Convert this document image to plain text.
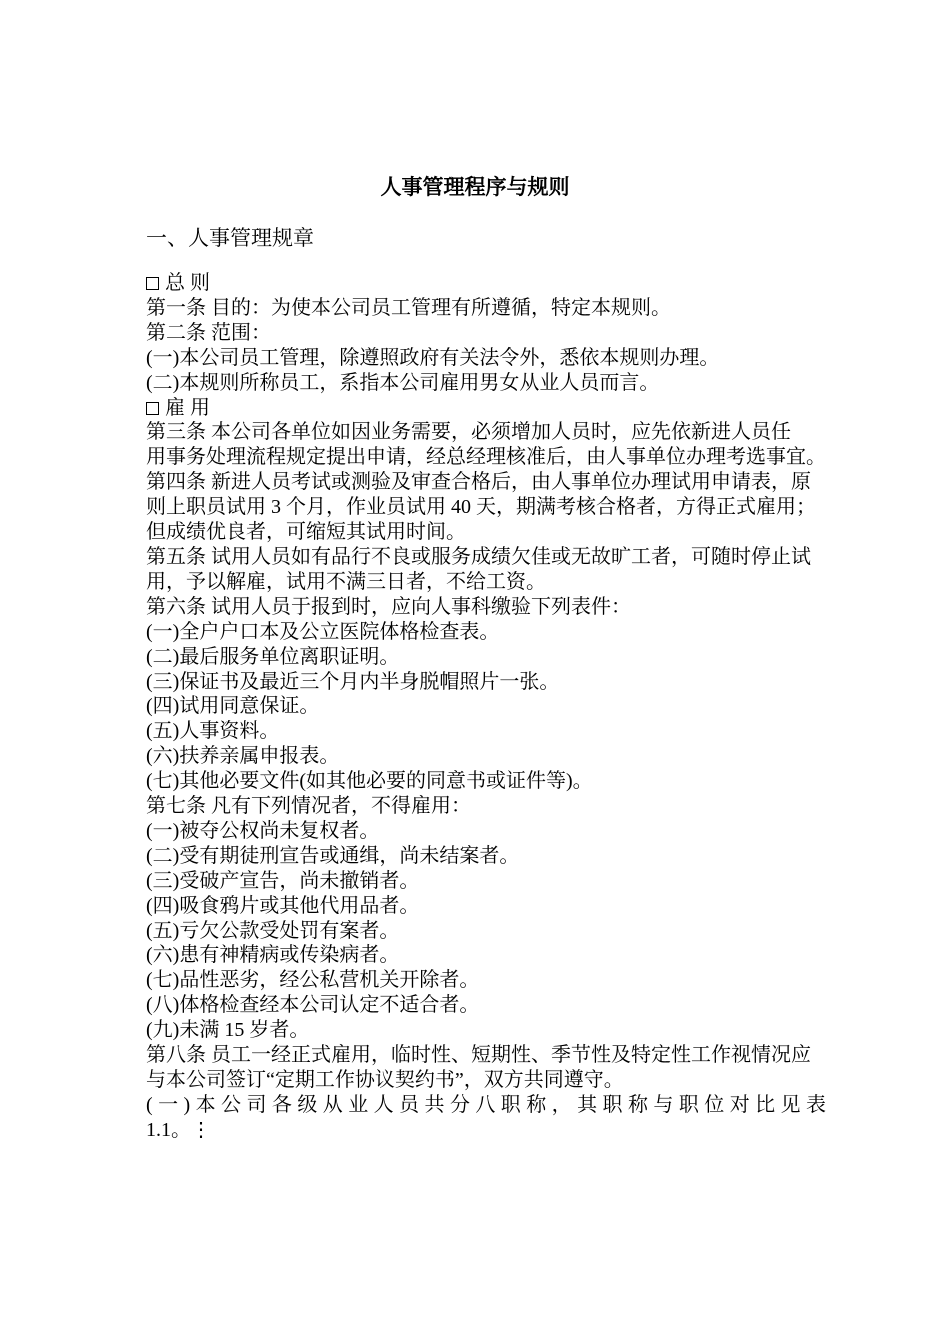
人事管理程序与规则
一、人事管理规章
总 则
第一条 目的：为使本公司员工管理有所遵循，特定本规则。
第二条 范围：
(一)本公司员工管理，除遵照政府有关法令外，悉依本规则办理。
(二)本规则所称员工，系指本公司雇用男女从业人员而言。
雇 用
第三条 本公司各单位如因业务需要，必须增加人员时，应先依新进人员任
用事务处理流程规定提出申请，经总经理核准后，由人事单位办理考选事宜。
第四条 新进人员考试或测验及审查合格后，由人事单位办理试用申请表，原则上职员试用 3 个月，作业员试用 40 天，期满考核合格者，方得正式雇用；但成绩优良者，可缩短其试用时间。
第五条 试用人员如有品行不良或服务成绩欠佳或无故旷工者，可随时停止试用，予以解雇，试用不满三日者，不给工资。
第六条 试用人员于报到时，应向人事科缴验下列表件：
(一)全户户口本及公立医院体格检查表。
(二)最后服务单位离职证明。
(三)保证书及最近三个月内半身脱帽照片一张。
(四)试用同意保证。
(五)人事资料。
(六)扶养亲属申报表。
(七)其他必要文件(如其他必要的同意书或证件等)。
第七条 凡有下列情况者，不得雇用：
(一)被夺公权尚未复权者。
(二)受有期徒刑宣告或通缉，尚未结案者。
(三)受破产宣告，尚未撤销者。
(四)吸食鸦片或其他代用品者。
(五)亏欠公款受处罚有案者。
(六)患有神精病或传染病者。
(七)品性恶劣，经公私营机关开除者。
(八)体格检查经本公司认定不适合者。
(九)未满 15 岁者。
第八条 员工一经正式雇用，临时性、短期性、季节性及特定性工作视情况应与本公司签订“定期工作协议契约书”，双方共同遵守。
(一)本公司各级从业人员共分八职称，其职称与职位对比见表
1.1。⋮
